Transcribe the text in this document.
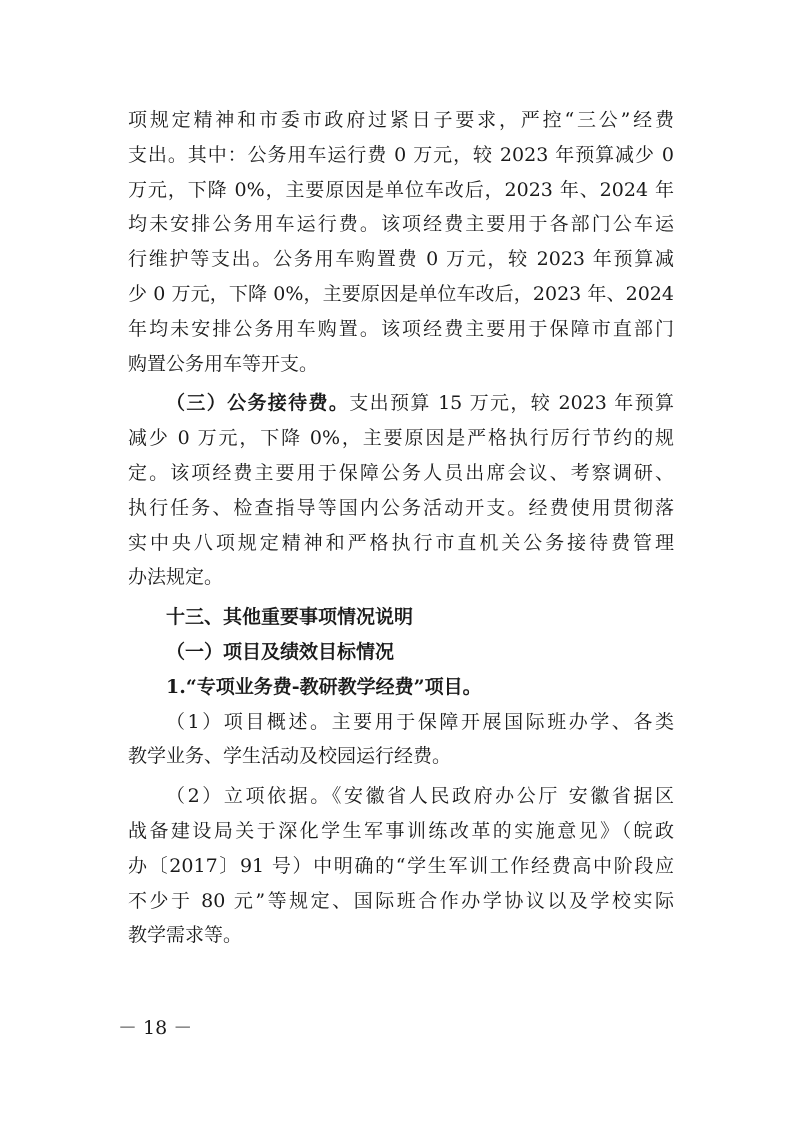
项规定精神和市委市政府过紧日子要求，严控“三公”经费
支出。其中：公务用车运行费 0 万元，较 2023 年预算减少 0
万元，下降 0%，主要原因是单位车改后，2023 年、2024 年
均未安排公务用车运行费。该项经费主要用于各部门公车运
行维护等支出。公务用车购置费 0 万元，较 2023 年预算减
少 0 万元，下降 0%，主要原因是单位车改后，2023 年、2024
年均未安排公务用车购置。该项经费主要用于保障市直部门
购置公务用车等开支。
（三）公务接待费。支出预算 15 万元，较 2023 年预算
减少 0 万元，下降 0%，主要原因是严格执行厉行节约的规
定。该项经费主要用于保障公务人员出席会议、考察调研、
执行任务、检查指导等国内公务活动开支。经费使用贯彻落
实中央八项规定精神和严格执行市直机关公务接待费管理
办法规定。
十三、其他重要事项情况说明
（一）项目及绩效目标情况
1.“专项业务费-教研教学经费”项目。
（1）项目概述。主要用于保障开展国际班办学、各类
教学业务、学生活动及校园运行经费。
（2）立项依据。《安徽省人民政府办公厅 安徽省据区
战备建设局关于深化学生军事训练改革的实施意见》（皖政
办〔2017〕91 号）中明确的“学生军训工作经费高中阶段应
不少于 80 元”等规定、国际班合作办学协议以及学校实际
教学需求等。
－ 18 －
